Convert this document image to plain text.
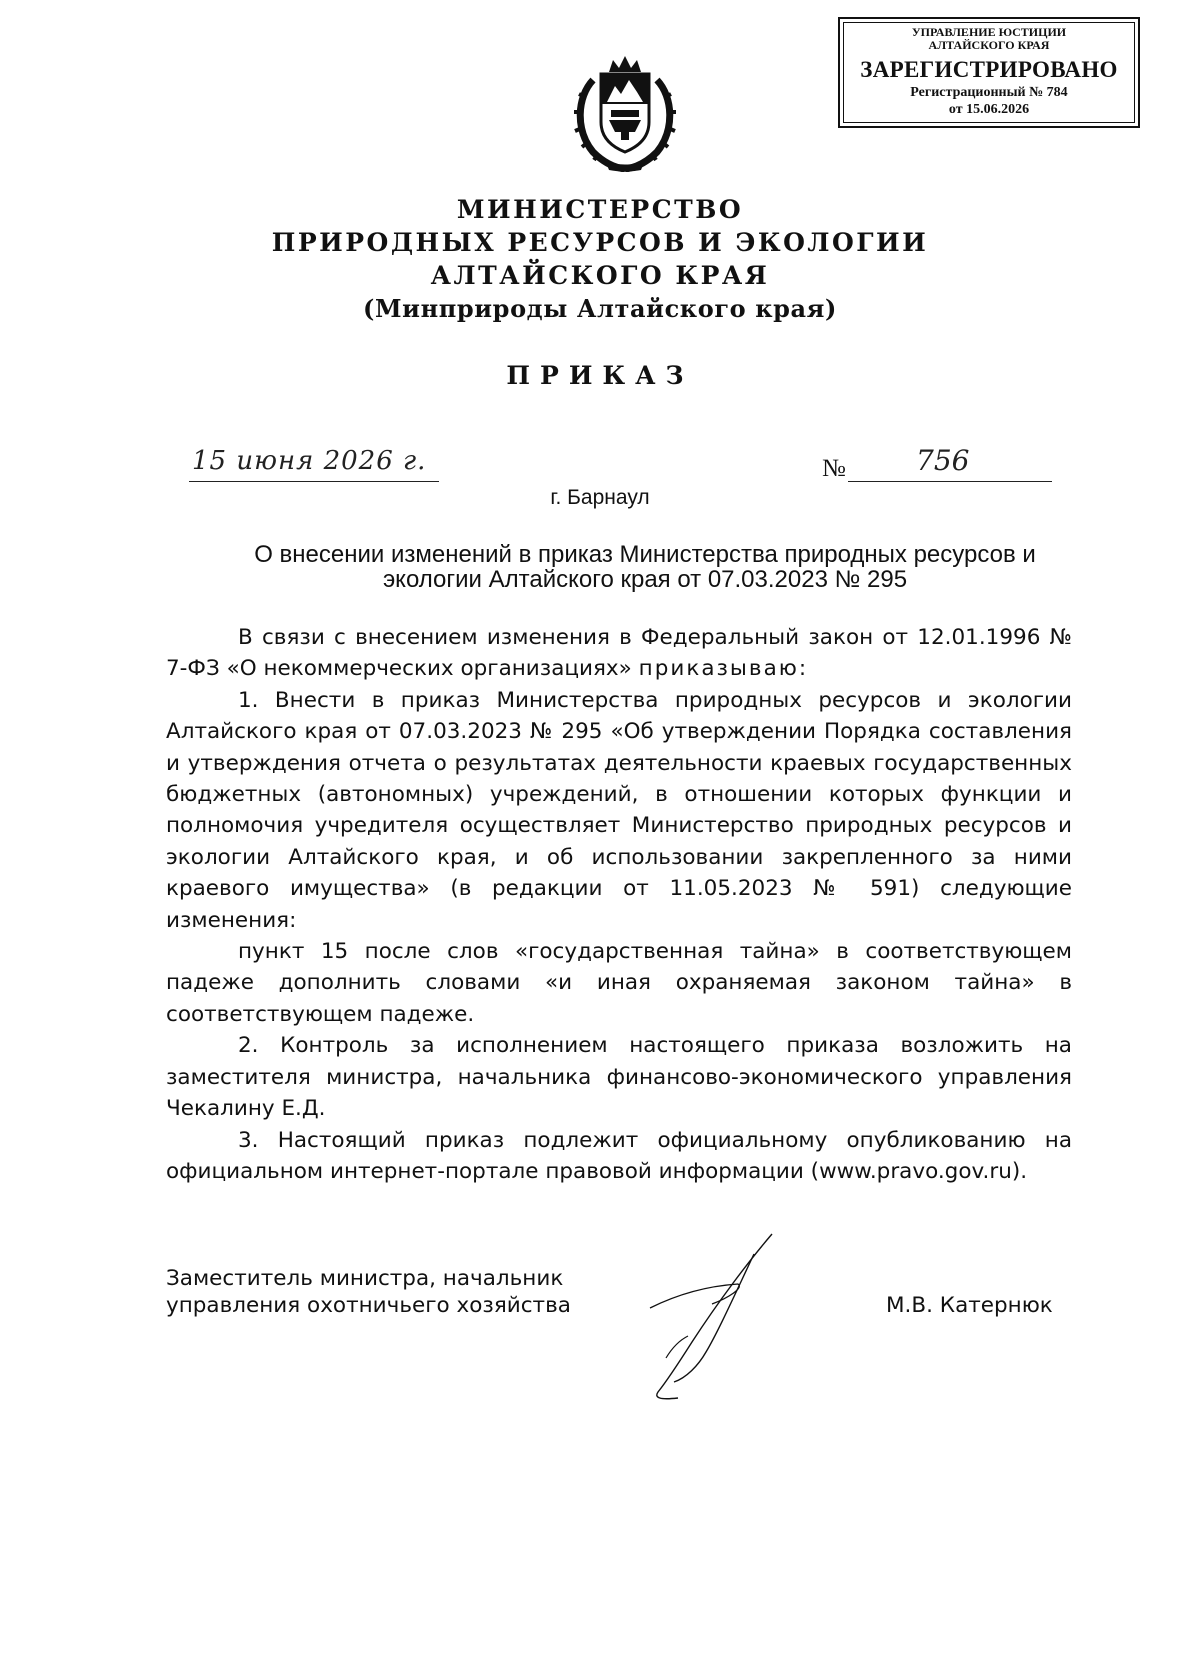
УПРАВЛЕНИЕ ЮСТИЦИИ
АЛТАЙСКОГО КРАЯ
ЗАРЕГИСТРИРОВАНО
Регистрационный № 784
от 15.06.2026
МИНИСТЕРСТВО
ПРИРОДНЫХ РЕСУРСОВ И ЭКОЛОГИИ
АЛТАЙСКОГО КРАЯ
(Минприроды Алтайского края)
ПРИКАЗ
15 июня 2026 г.	№	756
г. Барнаул
О внесении изменений в приказ Министерства природных ресурсов и экологии Алтайского края от 07.03.2023 № 295

В связи с внесением изменения в Федеральный закон от 12.01.1996 № 7-ФЗ «О некоммерческих организациях» приказываю:

1. Внести в приказ Министерства природных ресурсов и экологии Алтайского края от 07.03.2023 № 295 «Об утверждении Порядка составления и утверждения отчета о результатах деятельности краевых государственных бюджетных (автономных) учреждений, в отношении которых функции и полномочия учредителя осуществляет Министерство природных ресурсов и экологии Алтайского края, и об использовании закрепленного за ними краевого имущества» (в редакции от 11.05.2023 № 591) следующие изменения:

пункт 15 после слов «государственная тайна» в соответствующем падеже дополнить словами «и иная охраняемая законом тайна» в соответствующем падеже.

2. Контроль за исполнением настоящего приказа возложить на заместителя министра, начальника финансово-экономического управления Чекалину Е.Д.

3. Настоящий приказ подлежит официальному опубликованию на официальном интернет-портале правовой информации (www.pravo.gov.ru).

Заместитель министра, начальник
управления охотничьего хозяйства	М.В. Катернюк
